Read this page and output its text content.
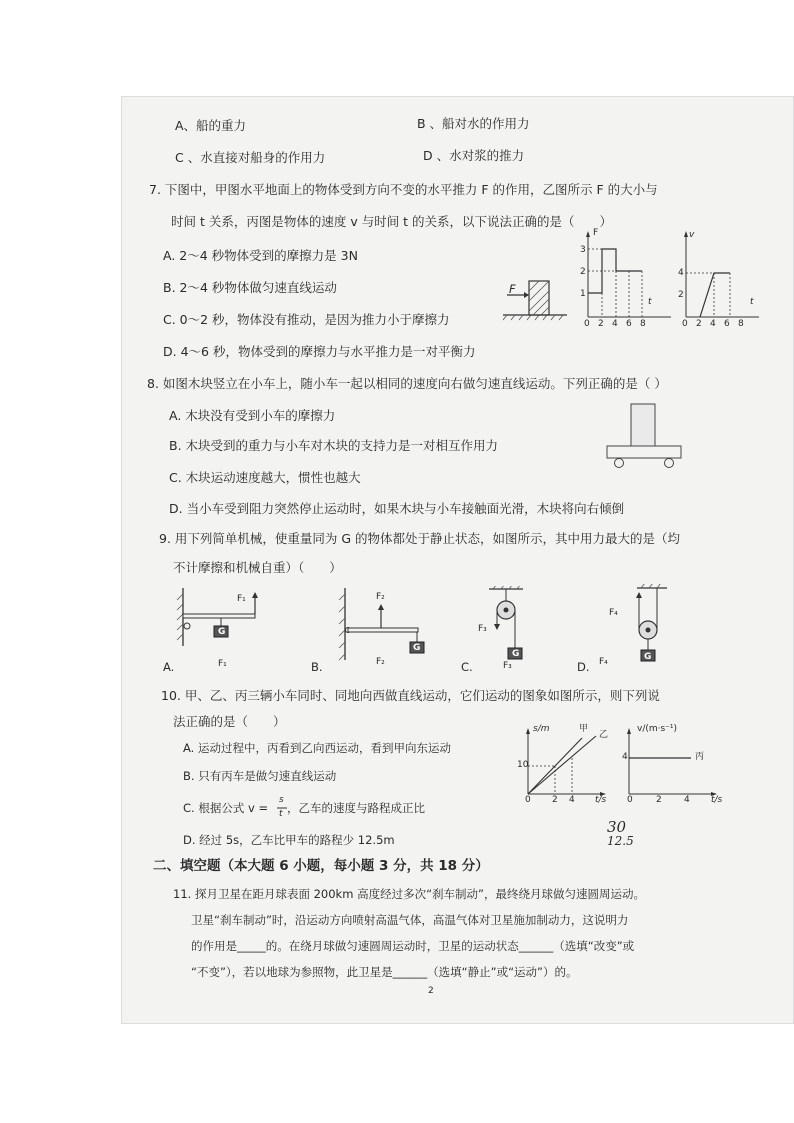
A、船的重力	B 、船对水的作用力
C 、水直接对船身的作用力	D 、水对浆的推力
7. 下图中，甲图水平地面上的物体受到方向不变的水平推力 F 的作用，乙图所示 F 的大小与
时间 t 关系，丙图是物体的速度 v 与时间 t 的关系，以下说法正确的是（　　）
A. 2～4 秒物体受到的摩擦力是 3N
B. 2～4 秒物体做匀速直线运动
C. 0～2 秒，物体没有推动，是因为推力小于摩擦力
D. 4～6 秒，物体受到的摩擦力与水平推力是一对平衡力
F
F
3
2
1
t
0 2 4 6 8
v
4
2
t
0 2 4 6 8
8. 如图木块竖立在小车上，随小车一起以相同的速度向右做匀速直线运动。下列正确的是（ ）
A. 木块没有受到小车的摩擦力
B. 木块受到的重力与小车对木块的支持力是一对相互作用力
C. 木块运动速度越大，惯性也越大
D. 当小车受到阻力突然停止运动时，如果木块与小车接触面光滑，木块将向右倾倒
9. 用下列简单机械，使重量同为 G 的物体都处于静止状态，如图所示，其中用力最大的是（均
不计摩擦和机械自重）（　　）
F₁
G
F₁
A.
F₂
G
F₂
B.
F₃
G
F₃
C.
F₄
G
F₄
D.
10. 甲、乙、丙三辆小车同时、同地向西做直线运动，它们运动的图象如图所示，则下列说
法正确的是（　　）
A. 运动过程中，丙看到乙向西运动，看到甲向东运动
B. 只有丙车是做匀速直线运动
C. 根据公式 v =
s
t ，乙车的速度与路程成正比
D. 经过 5s，乙车比甲车的路程少 12.5m
s/m	甲
乙
10
0 2 4 t/s
v/(m·s⁻¹)
4	丙
0	2 4 t/s
30
12.5
二、填空题（本大题 6 小题，每小题 3 分，共 18 分）
11. 探月卫星在距月球表面 200km 高度经过多次“刹车制动”，最终绕月球做匀速圆周运动。
卫星“刹车制动”时，沿运动方向喷射高温气体，高温气体对卫星施加制动力，这说明力
的作用是_____的。在绕月球做匀速圆周运动时，卫星的运动状态______（选填“改变”或
“不变”），若以地球为参照物，此卫星是______（选填“静止”或“运动”）的。
2
